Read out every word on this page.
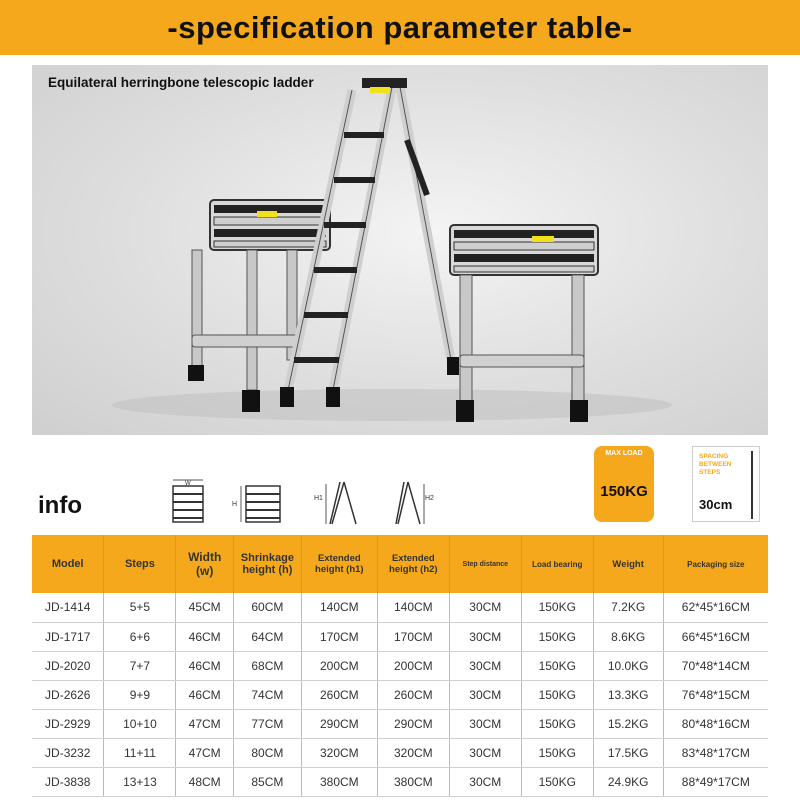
-specification parameter table-
Equilateral herringbone telescopic ladder
info
W
H
H1	H2
MAX LOAD
150KG
SPACING BETWEEN STEPS
30cm
Model	Steps	Width (w)	Shrinkage height (h)	Extended height (h1)	Extended height (h2)	Step distance	Load bearing	Weight	Packaging size
JD-1414	5+5	45CM	60CM	140CM	140CM	30CM	150KG	7.2KG	62*45*16CM
JD-1717	6+6	46CM	64CM	170CM	170CM	30CM	150KG	8.6KG	66*45*16CM
JD-2020	7+7	46CM	68CM	200CM	200CM	30CM	150KG	10.0KG	70*48*14CM
JD-2626	9+9	46CM	74CM	260CM	260CM	30CM	150KG	13.3KG	76*48*15CM
JD-2929	10+10	47CM	77CM	290CM	290CM	30CM	150KG	15.2KG	80*48*16CM
JD-3232	11+11	47CM	80CM	320CM	320CM	30CM	150KG	17.5KG	83*48*17CM
JD-3838	13+13	48CM	85CM	380CM	380CM	30CM	150KG	24.9KG	88*49*17CM
